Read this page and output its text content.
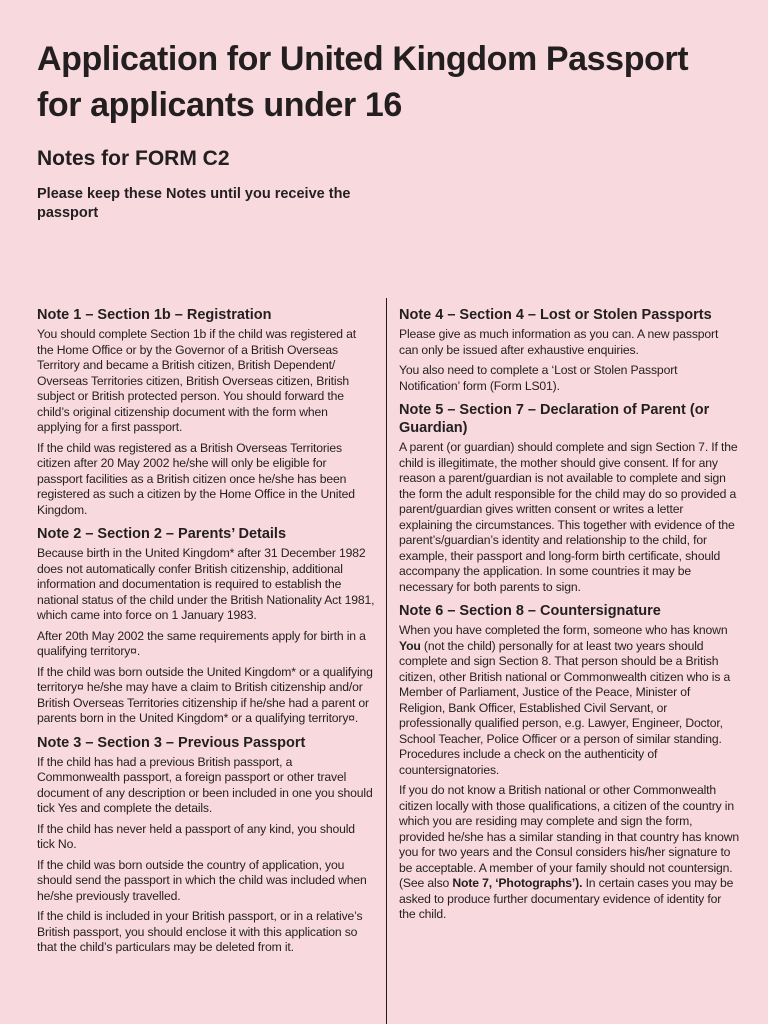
Application for United Kingdom Passport
for applicants under 16
Notes for FORM C2

Please keep these Notes until you receive the passport

Note 1 – Section 1b – Registration

You should complete Section 1b if the child was registered at the Home Office or by the Governor of a British Overseas Territory and became a British citizen, British Dependent/ Overseas Territories citizen, British Overseas citizen, British subject or British protected person. You should forward the child’s original citizenship document with the form when applying for a first passport.

If the child was registered as a British Overseas Territories citizen after 20 May 2002 he/she will only be eligible for passport facilities as a British citizen once he/she has been registered as such a citizen by the Home Office in the United Kingdom.

Note 2 – Section 2 – Parents’ Details

Because birth in the United Kingdom* after 31 December 1982 does not automatically confer British citizenship, additional information and documentation is required to establish the national status of the child under the British Nationality Act 1981, which came into force on 1 January 1983.

After 20th May 2002 the same requirements apply for birth in a qualifying territory¤.

If the child was born outside the United Kingdom* or a qualifying territory¤ he/she may have a claim to British citizenship and/or British Overseas Territories citizenship if he/she had a parent or parents born in the United Kingdom* or a qualifying territory¤.

Note 3 – Section 3 – Previous Passport

If the child has had a previous British passport, a Commonwealth passport, a foreign passport or other travel document of any description or been included in one you should tick Yes and complete the details.

If the child has never held a passport of any kind, you should tick No.

If the child was born outside the country of application, you should send the passport in which the child was included when he/she previously travelled.

If the child is included in your British passport, or in a relative’s British passport, you should enclose it with this application so that the child’s particulars may be deleted from it.

Note 4 – Section 4 – Lost or Stolen Passports

Please give as much information as you can. A new passport can only be issued after exhaustive enquiries.

You also need to complete a ‘Lost or Stolen Passport Notification’ form (Form LS01).

Note 5 – Section 7 – Declaration of Parent (or Guardian)

A parent (or guardian) should complete and sign Section 7. If the child is illegitimate, the mother should give consent. If for any reason a parent/guardian is not available to complete and sign the form the adult responsible for the child may do so provided a parent/guardian gives written consent or writes a letter explaining the circumstances. This together with evidence of the parent’s/guardian’s identity and relationship to the child, for example, their passport and long-form birth certificate, should accompany the application. In some countries it may be necessary for both parents to sign.

Note 6 – Section 8 – Countersignature

When you have completed the form, someone who has known You (not the child) personally for at least two years should complete and sign Section 8. That person should be a British citizen, other British national or Commonwealth citizen who is a Member of Parliament, Justice of the Peace, Minister of Religion, Bank Officer, Established Civil Servant, or professionally qualified person, e.g. Lawyer, Engineer, Doctor, School Teacher, Police Officer or a person of similar standing. Procedures include a check on the authenticity of countersignatories.

If you do not know a British national or other Commonwealth citizen locally with those qualifications, a citizen of the country in which you are residing may complete and sign the form, provided he/she has a similar standing in that country has known you for two years and the Consul considers his/her signature to be acceptable. A member of your family should not countersign. (See also Note 7, ‘Photographs’). In certain cases you may be asked to produce further documentary evidence of identity for the child.
